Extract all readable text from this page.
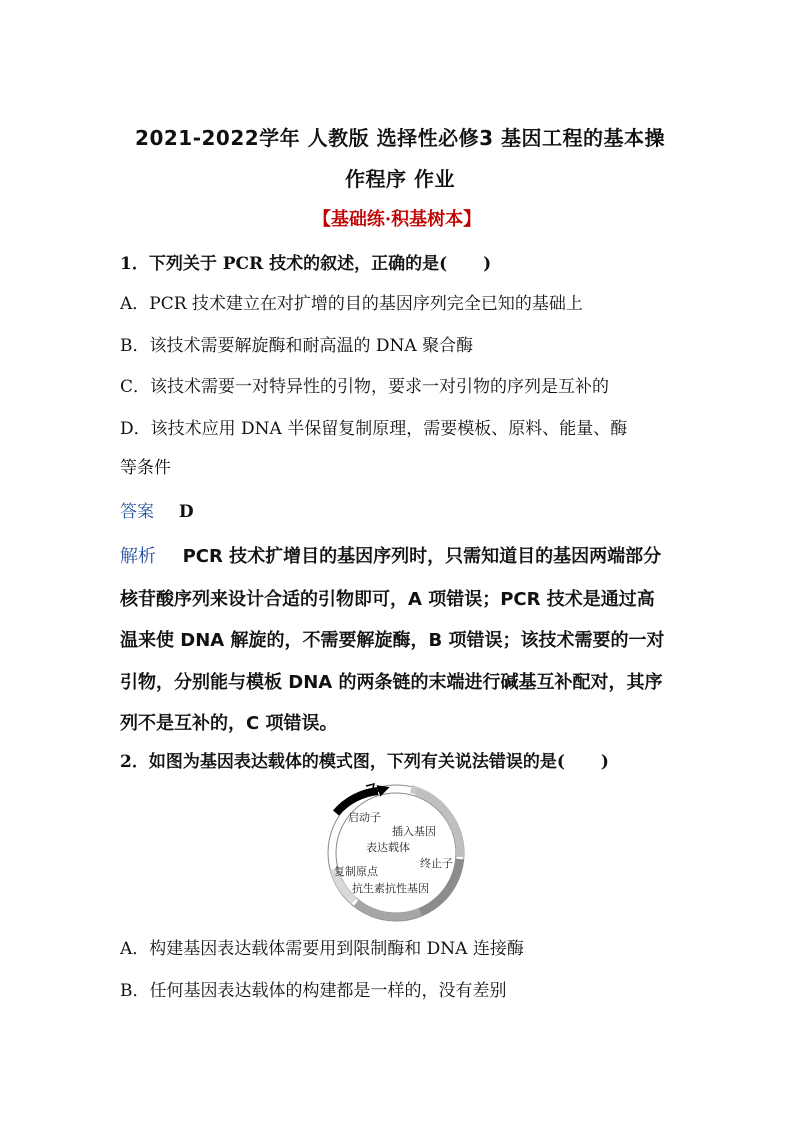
2021-2022学年 人教版 选择性必修3 基因工程的基本操
作程序 作业
【基础练·积基树本】
1．下列关于 PCR 技术的叙述，正确的是( )
A．PCR 技术建立在对扩增的目的基因序列完全已知的基础上
B．该技术需要解旋酶和耐高温的 DNA 聚合酶
C．该技术需要一对特异性的引物，要求一对引物的序列是互补的
D．该技术应用 DNA 半保留复制原理，需要模板、原料、能量、酶
等条件
答案 D
解析 PCR 技术扩增目的基因序列时，只需知道目的基因两端部分
核苷酸序列来设计合适的引物即可，A 项错误；PCR 技术是通过高
温来使 DNA 解旋的，不需要解旋酶，B 项错误；该技术需要的一对
引物，分别能与模板 DNA 的两条链的末端进行碱基互补配对，其序
列不是互补的，C 项错误。
2．如图为基因表达载体的模式图，下列有关说法错误的是( )
启动子
插入基因
表达载体
终止子
复制原点
抗生素抗性基因
A．构建基因表达载体需要用到限制酶和 DNA 连接酶
B．任何基因表达载体的构建都是一样的，没有差别
